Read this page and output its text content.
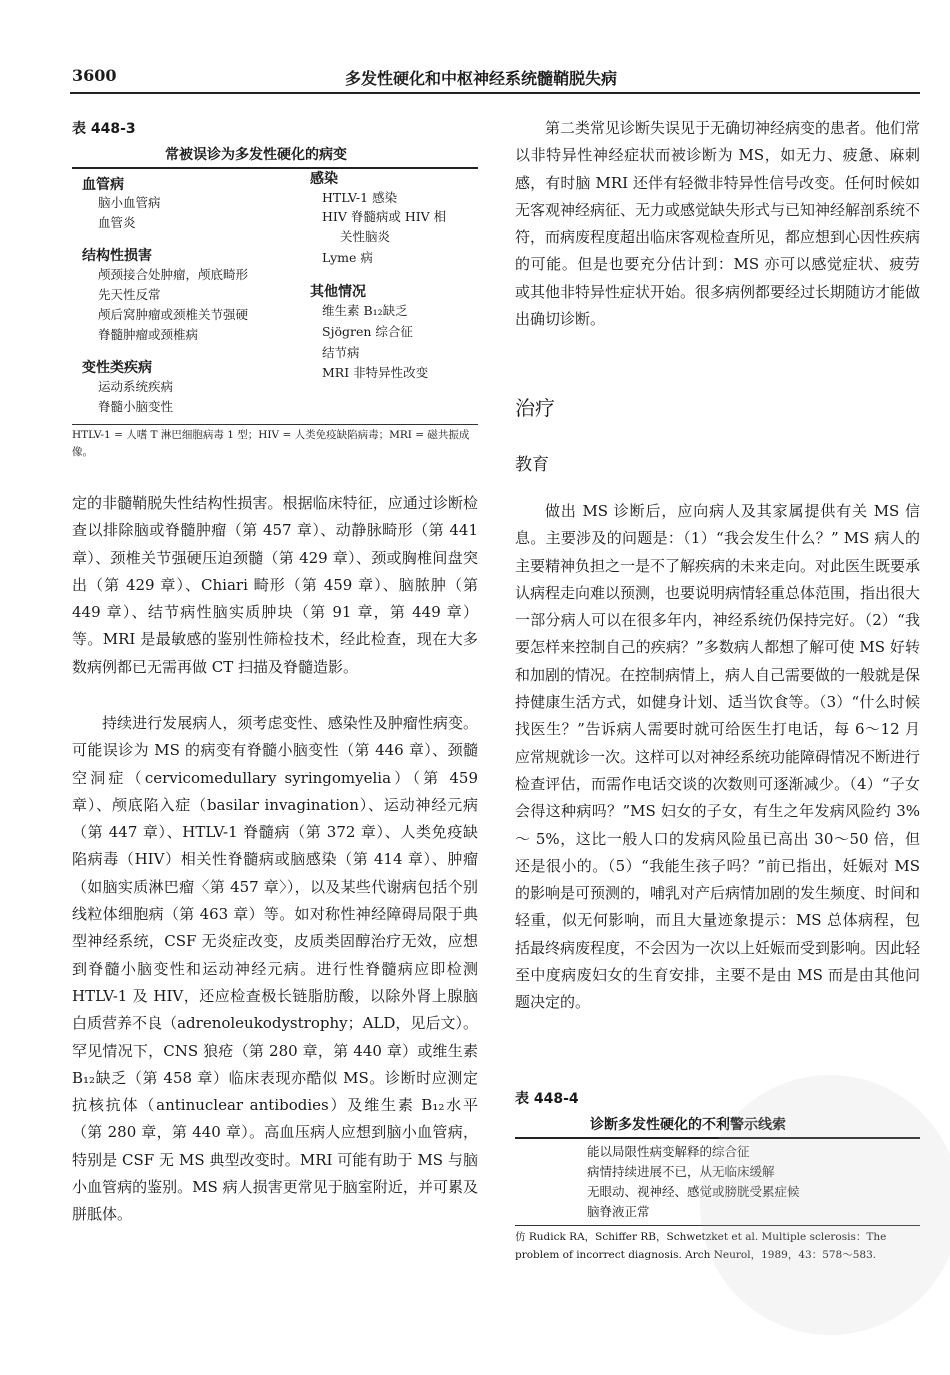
3600	多发性硬化和中枢神经系统髓鞘脱失病
表 448-3
常被误诊为多发性硬化的病变
血管病
脑小血管病
血管炎
结构性损害
颅颈接合处肿瘤，颅底畸形
先天性反常
颅后窝肿瘤或颈椎关节强硬
脊髓肿瘤或颈椎病
变性类疾病
运动系统疾病
脊髓小脑变性
感染
HTLV-1 感染
HIV 脊髓病或 HIV 相
关性脑炎
Lyme 病
其他情况
维生素 B₁₂缺乏
Sjögren 综合征
结节病
MRI 非特异性改变
HTLV-1 = 人嗜 T 淋巴细胞病毒 1 型；HIV = 人类免疫缺陷病毒；MRI = 磁共振成像。

定的非髓鞘脱失性结构性损害。根据临床特征，应通过诊断检查以排除脑或脊髓肿瘤（第 457 章）、动静脉畸形（第 441 章）、颈椎关节强硬压迫颈髓（第 429 章）、颈或胸椎间盘突出（第 429 章）、Chiari 畸形（第 459 章）、脑脓肿（第 449 章）、结节病性脑实质肿块（第 91 章，第 449 章）等。MRI 是最敏感的鉴别性筛检技术，经此检查，现在大多数病例都已无需再做 CT 扫描及脊髓造影。

持续进行发展病人，须考虑变性、感染性及肿瘤性病变。可能误诊为 MS 的病变有脊髓小脑变性（第 446 章）、颈髓空洞症（cervicomedullary syringomyelia）（第 459 章）、颅底陷入症（basilar invagination）、运动神经元病（第 447 章）、HTLV-1 脊髓病（第 372 章）、人类免疫缺陷病毒（HIV）相关性脊髓病或脑感染（第 414 章）、肿瘤（如脑实质淋巴瘤〈第 457 章〉），以及某些代谢病包括个别线粒体细胞病（第 463 章）等。如对称性神经障碍局限于典型神经系统，CSF 无炎症改变，皮质类固醇治疗无效，应想到脊髓小脑变性和运动神经元病。进行性脊髓病应即检测 HTLV-1 及 HIV，还应检查极长链脂肪酸，以除外肾上腺脑白质营养不良（adrenoleukodystrophy；ALD，见后文）。罕见情况下，CNS 狼疮（第 280 章，第 440 章）或维生素 B₁₂缺乏（第 458 章）临床表现亦酷似 MS。诊断时应测定抗核抗体（antinuclear antibodies）及维生素 B₁₂水平（第 280 章，第 440 章）。高血压病人应想到脑小血管病，特别是 CSF 无 MS 典型改变时。MRI 可能有助于 MS 与脑小血管病的鉴别。MS 病人损害更常见于脑室附近，并可累及胼胝体。

第二类常见诊断失误见于无确切神经病变的患者。他们常以非特异性神经症状而被诊断为 MS，如无力、疲惫、麻刺感，有时脑 MRI 还伴有轻微非特异性信号改变。任何时候如无客观神经病征、无力或感觉缺失形式与已知神经解剖系统不符，而病废程度超出临床客观检查所见，都应想到心因性疾病的可能。但是也要充分估计到：MS 亦可以感觉症状、疲劳或其他非特异性症状开始。很多病例都要经过长期随访才能做出确切诊断。

治疗
教育

做出 MS 诊断后，应向病人及其家属提供有关 MS 信息。主要涉及的问题是：（1）“我会发生什么？” MS 病人的主要精神负担之一是不了解疾病的未来走向。对此医生既要承认病程走向难以预测，也要说明病情轻重总体范围，指出很大一部分病人可以在很多年内，神经系统仍保持完好。（2）“我要怎样来控制自己的疾病？”多数病人都想了解可使 MS 好转和加剧的情况。在控制病情上，病人自己需要做的一般就是保持健康生活方式，如健身计划、适当饮食等。（3）“什么时候找医生？”告诉病人需要时就可给医生打电话，每 6～12 月应常规就诊一次。这样可以对神经系统功能障碍情况不断进行检查评估，而需作电话交谈的次数则可逐渐减少。（4）“子女会得这种病吗？”MS 妇女的子女，有生之年发病风险约 3% ～ 5%，这比一般人口的发病风险虽已高出 30～50 倍，但还是很小的。（5）“我能生孩子吗？”前已指出，妊娠对 MS 的影响是可预测的，哺乳对产后病情加剧的发生频度、时间和轻重，似无何影响，而且大量迹象提示：MS 总体病程，包括最终病废程度，不会因为一次以上妊娠而受到影响。因此轻至中度病废妇女的生育安排，主要不是由 MS 而是由其他问题决定的。

表 448-4
诊断多发性硬化的不利警示线索
能以局限性病变解释的综合征
病情持续进展不已，从无临床缓解
无眼动、视神经、感觉或膀胱受累症候
脑脊液正常
仿 Rudick RA，Schiffer RB，Schwetzket et al. Multiple sclerosis：The problem of incorrect diagnosis. Arch Neurol，1989，43：578～583.
